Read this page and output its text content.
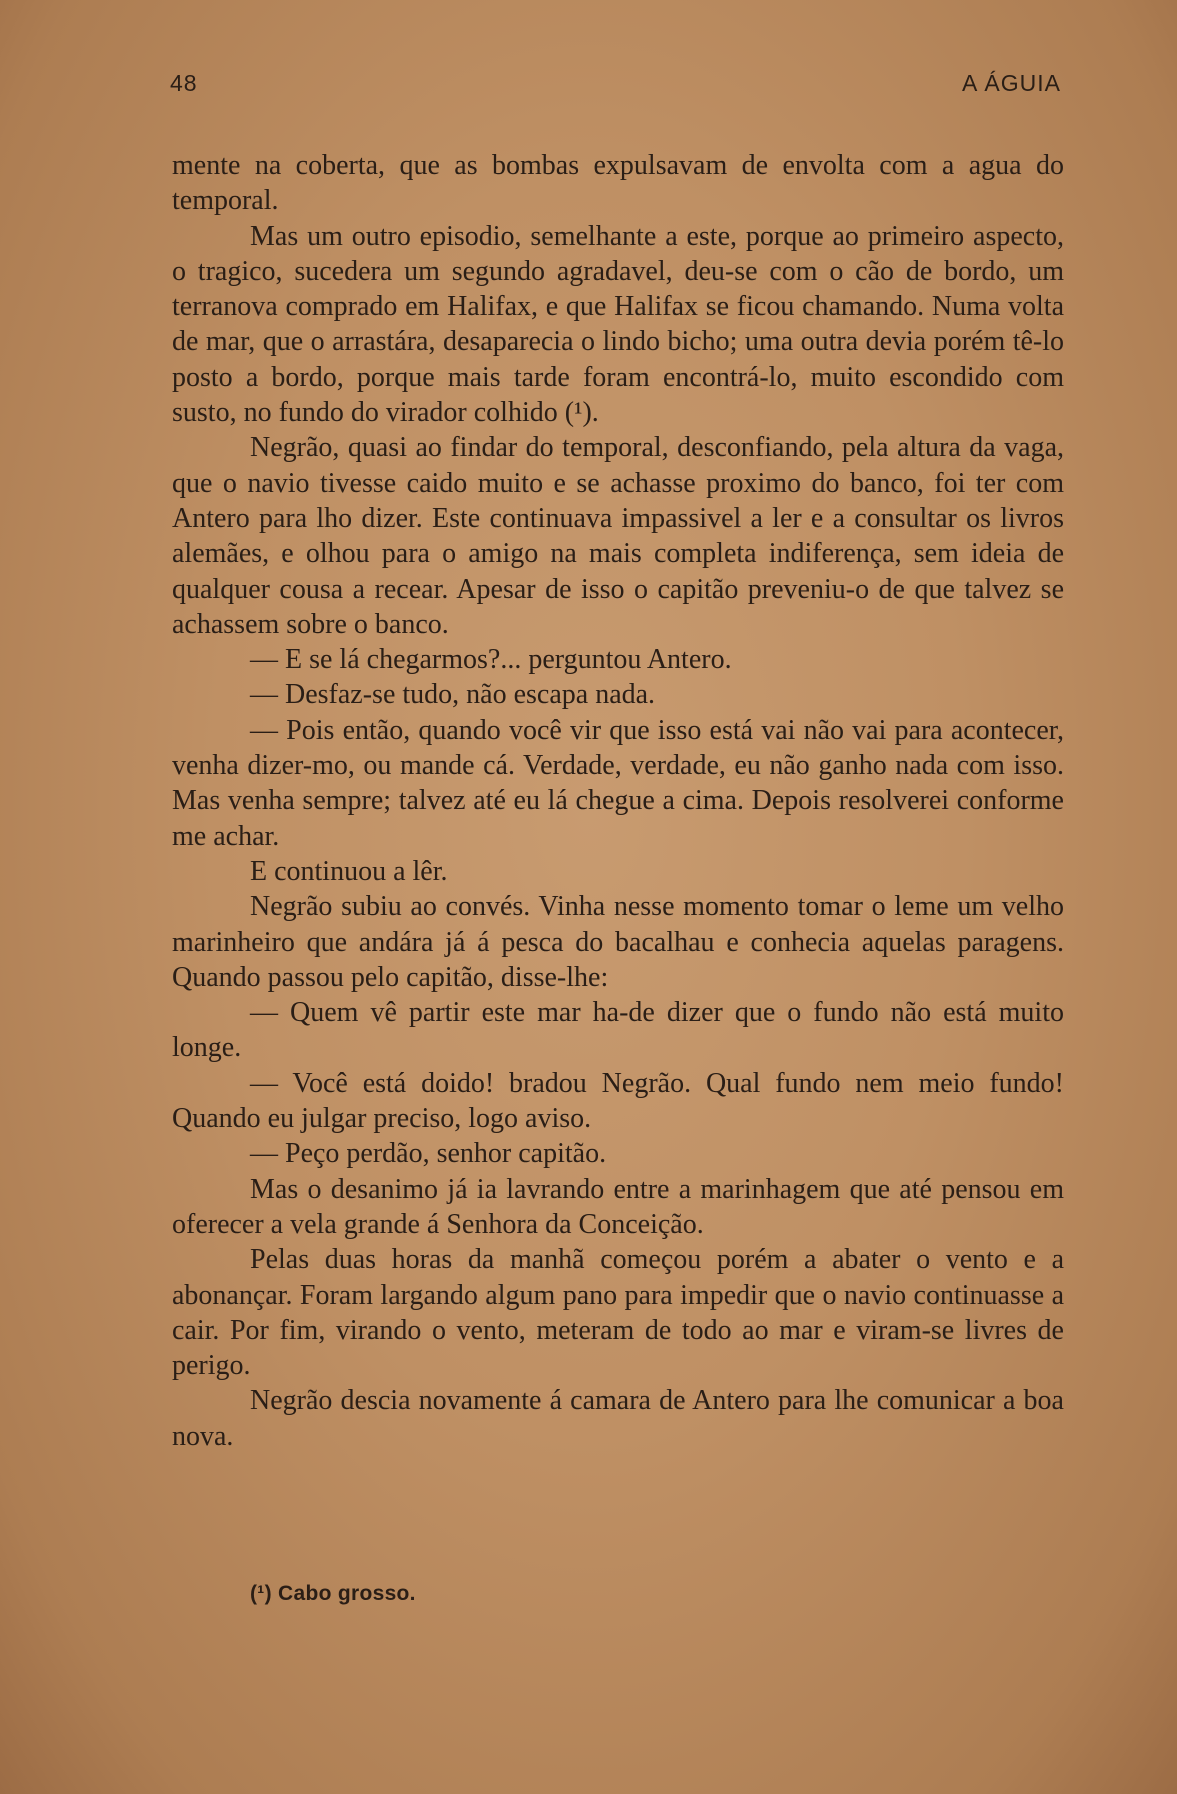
48	A ÁGUIA

mente na coberta, que as bombas expulsavam de envolta com a agua do temporal.

Mas um outro episodio, semelhante a este, porque ao primeiro aspecto, o tragico, sucedera um segundo agradavel, deu-se com o cão de bordo, um terranova comprado em Halifax, e que Halifax se ficou chamando. Numa volta de mar, que o arrastára, desaparecia o lindo bicho; uma outra devia porém tê-lo posto a bordo, porque mais tarde foram encontrá-lo, muito escondido com susto, no fundo do virador colhido (¹).

Negrão, quasi ao findar do temporal, desconfiando, pela altura da vaga, que o navio tivesse caido muito e se achasse proximo do banco, foi ter com Antero para lho dizer. Este continuava impassivel a ler e a consultar os livros alemães, e olhou para o amigo na mais completa indiferença, sem ideia de qualquer cousa a recear. Apesar de isso o capitão preveniu-o de que talvez se achassem sobre o banco.

— E se lá chegarmos?... perguntou Antero.

— Desfaz-se tudo, não escapa nada.

— Pois então, quando você vir que isso está vai não vai para acontecer, venha dizer-mo, ou mande cá. Verdade, verdade, eu não ganho nada com isso. Mas venha sempre; talvez até eu lá chegue a cima. Depois resolverei conforme me achar.

E continuou a lêr.

Negrão subiu ao convés. Vinha nesse momento tomar o leme um velho marinheiro que andára já á pesca do bacalhau e conhecia aquelas paragens. Quando passou pelo capitão, disse-lhe:

— Quem vê partir este mar ha-de dizer que o fundo não está muito longe.

— Você está doido! bradou Negrão. Qual fundo nem meio fundo! Quando eu julgar preciso, logo aviso.

— Peço perdão, senhor capitão.

Mas o desanimo já ia lavrando entre a marinhagem que até pensou em oferecer a vela grande á Senhora da Conceição.

Pelas duas horas da manhã começou porém a abater o vento e a abonançar. Foram largando algum pano para impedir que o navio continuasse a cair. Por fim, virando o vento, meteram de todo ao mar e viram-se livres de perigo.

Negrão descia novamente á camara de Antero para lhe comunicar a boa nova.

(¹) Cabo grosso.
